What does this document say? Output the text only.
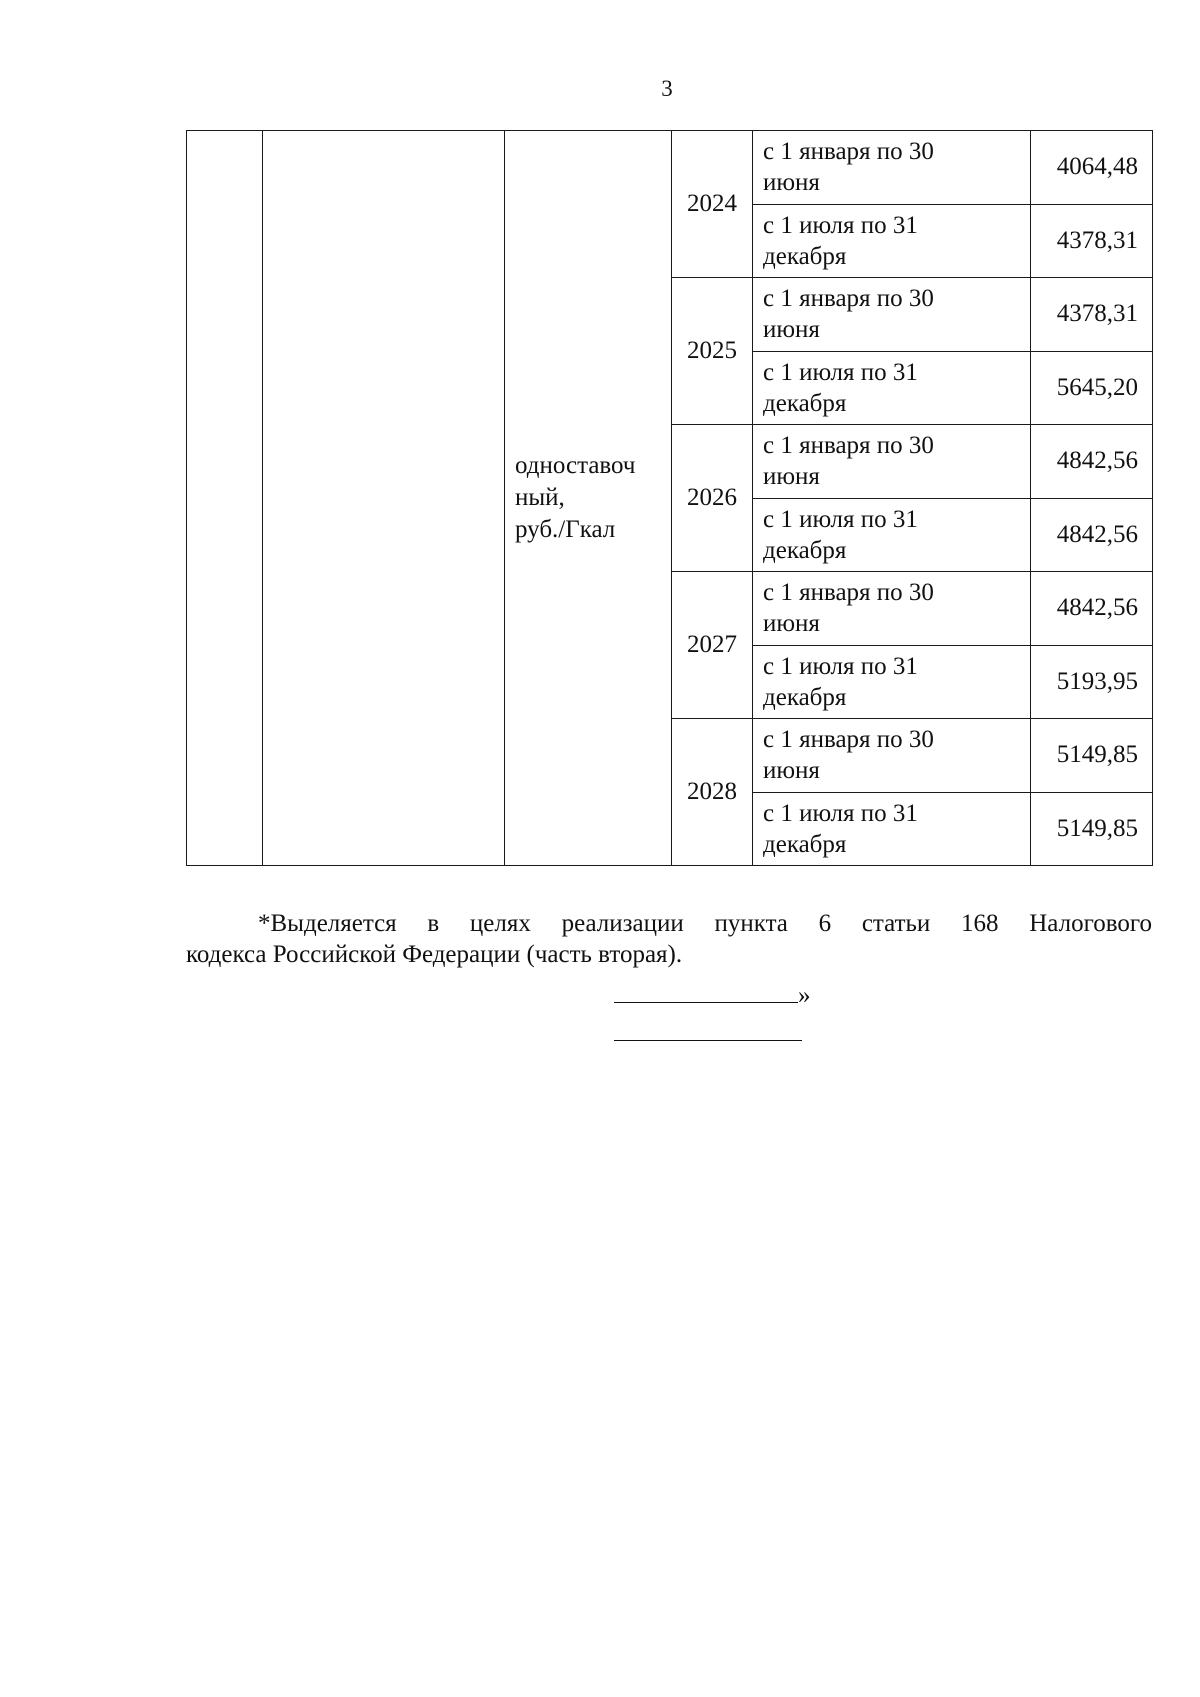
3
		одноставоч
ный,
руб./Гкал	2024	с 1 января по 30
июня	4064,48
				с 1 июля по 31
декабря	4378,31
			2025	с 1 января по 30
июня	4378,31
				с 1 июля по 31
декабря	5645,20
			2026	с 1 января по 30
июня	4842,56
				с 1 июля по 31
декабря	4842,56
			2027	с 1 января по 30
июня	4842,56
				с 1 июля по 31
декабря	5193,95
			2028	с 1 января по 30
июня	5149,85
				с 1 июля по 31
декабря	5149,85
*Выделяется в целях реализации пункта 6 статьи 168 Налогового
кодекса Российской Федерации (часть вторая).
»
